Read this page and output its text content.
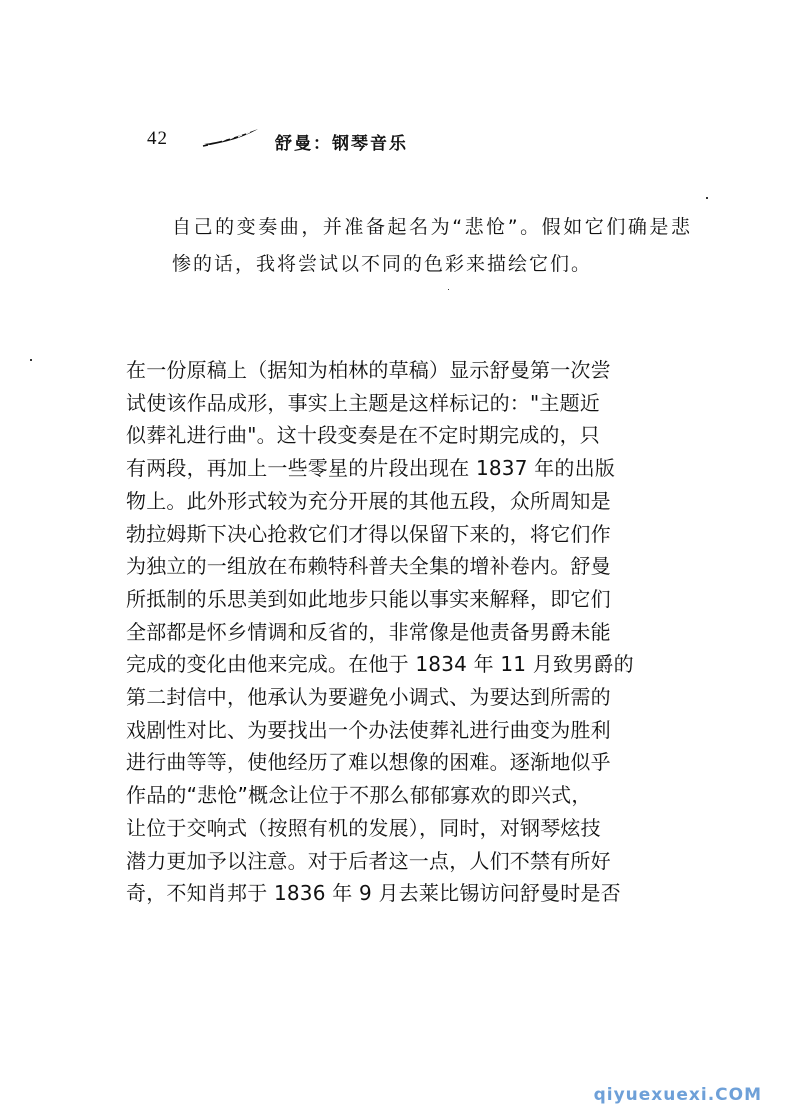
42	舒曼：钢琴音乐

自己的变奏曲，并准备起名为“悲怆”。假如它们确是悲惨的话，我将尝试以不同的色彩来描绘它们。

在一份原稿上（据知为柏林的草稿）显示舒曼第一次尝
试使该作品成形，事实上主题是这样标记的："主题近
似葬礼进行曲"。这十段变奏是在不定时期完成的，只
有两段，再加上一些零星的片段出现在 1837 年的出版
物上。此外形式较为充分开展的其他五段，众所周知是
勃拉姆斯下决心抢救它们才得以保留下来的，将它们作
为独立的一组放在布赖特科普夫全集的增补卷内。舒曼
所抵制的乐思美到如此地步只能以事实来解释，即它们
全部都是怀乡情调和反省的，非常像是他责备男爵未能
完成的变化由他来完成。在他于 1834 年 11 月致男爵的
第二封信中，他承认为要避免小调式、为要达到所需的
戏剧性对比、为要找出一个办法使葬礼进行曲变为胜利
进行曲等等，使他经历了难以想像的困难。逐渐地似乎
作品的“悲怆”概念让位于不那么郁郁寡欢的即兴式，
让位于交响式（按照有机的发展），同时，对钢琴炫技
潜力更加予以注意。对于后者这一点，人们不禁有所好
奇，不知肖邦于 1836 年 9 月去莱比锡访问舒曼时是否
qiyuexuexi.COM
